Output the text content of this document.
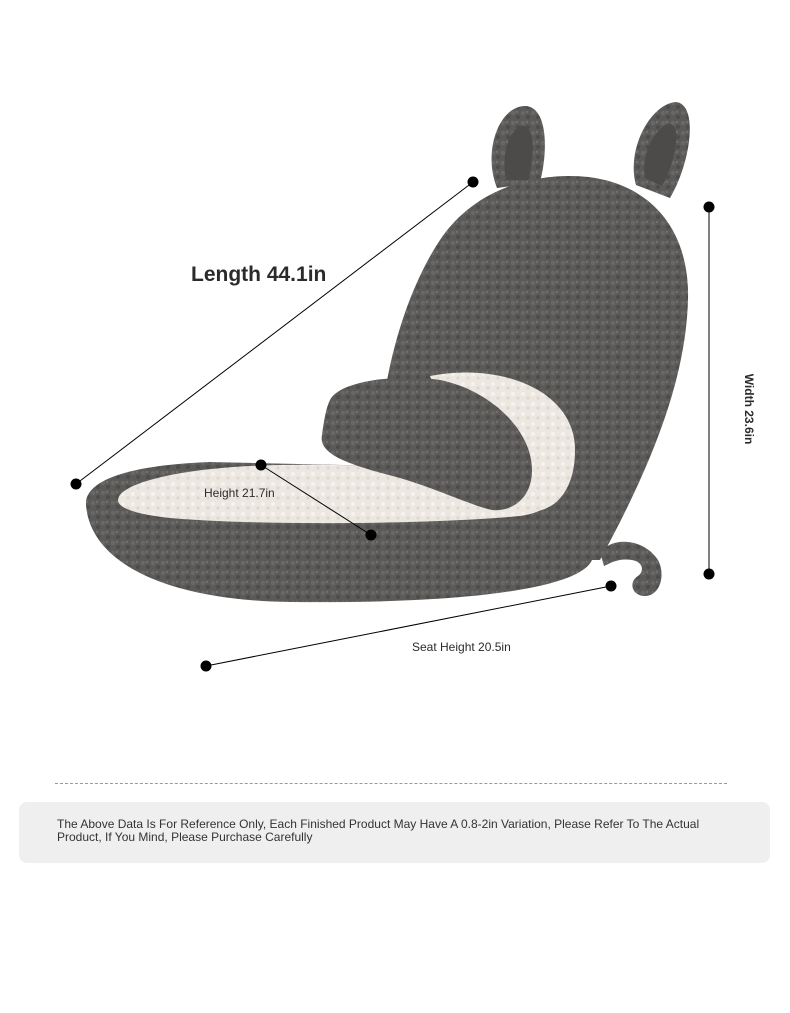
Length 44.1in
Height 21.7in
Width 23.6in
Seat Height 20.5in
The Above Data Is For Reference Only, Each Finished Product May Have A 0.8-2in Variation, Please Refer To The Actual Product, If You Mind, Please Purchase Carefully
